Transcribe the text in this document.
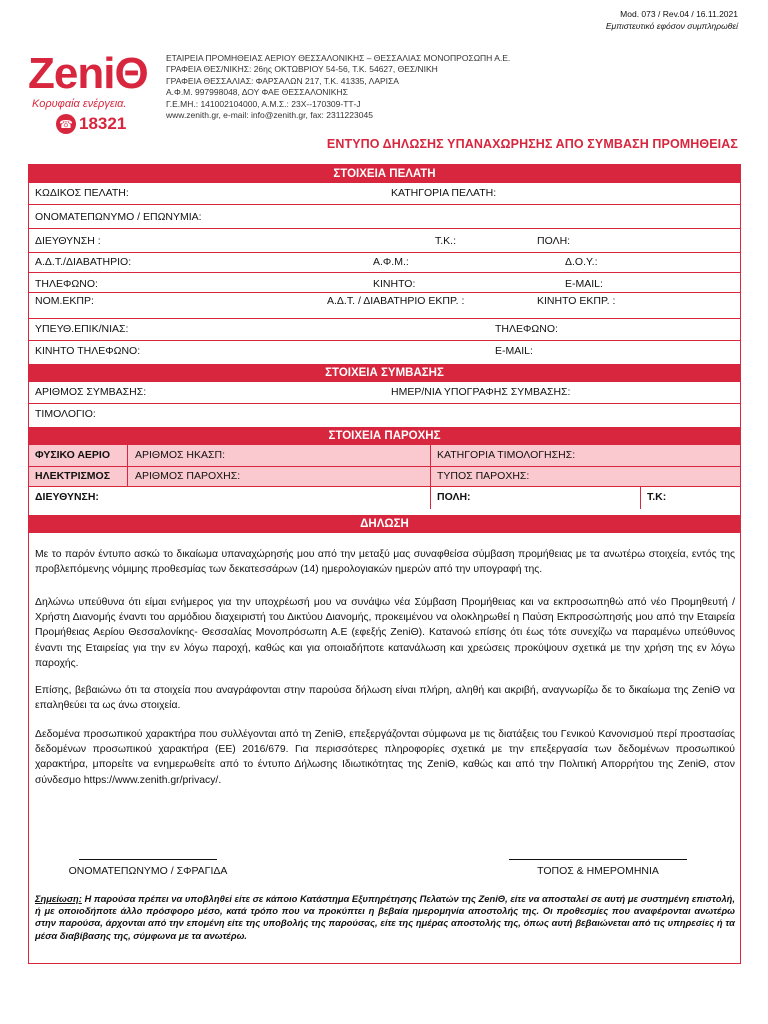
Mod. 073 / Rev.04 / 16.11.2021
Εμπιστευτικό εφόσον συμπληρωθεί
ZeniΘ
Κορυφαία ενέργεια.
☎ 18321
ΕΤΑΙΡΕΙΑ ΠΡΟΜΗΘΕΙΑΣ ΑΕΡΙΟΥ ΘΕΣΣΑΛΟΝΙΚΗΣ – ΘΕΣΣΑΛΙΑΣ ΜΟΝΟΠΡΟΣΩΠΗ Α.Ε.
ΓΡΑΦΕΙΑ ΘΕΣ/ΝΙΚΗΣ: 26ης ΟΚΤΩΒΡΙΟΥ 54-56, Τ.Κ. 54627, ΘΕΣ/ΝΙΚΗ
ΓΡΑΦΕΙΑ ΘΕΣΣΑΛΙΑΣ: ΦΑΡΣΑΛΩΝ 217, Τ.Κ. 41335, ΛΑΡΙΣΑ
Α.Φ.Μ. 997998048, ΔΟΥ ΦΑΕ ΘΕΣΣΑΛΟΝΙΚΗΣ
Γ.Ε.ΜΗ.: 141002104000, Α.Μ.Σ.: 23Χ--170309-ΤΤ-J
www.zenith.gr, e-mail: info@zenith.gr, fax: 2311223045
ΕΝΤΥΠΟ ΔΗΛΩΣΗΣ ΥΠΑΝΑΧΩΡΗΣΗΣ ΑΠΟ ΣΥΜΒΑΣΗ ΠΡΟΜΗΘΕΙΑΣ
ΣΤΟΙΧΕΙΑ ΠΕΛΑΤΗ
ΚΩΔΙΚΟΣ ΠΕΛΑΤΗ:	ΚΑΤΗΓΟΡΙΑ ΠΕΛΑΤΗ:
ΟΝΟΜΑΤΕΠΩΝΥΜΟ / ΕΠΩΝΥΜΙΑ:
ΔΙΕΥΘΥΝΣΗ :	Τ.Κ.:	ΠΟΛΗ:
Α.Δ.Τ./ΔΙΑΒΑΤΗΡΙΟ:	Α.Φ.Μ.:	Δ.Ο.Υ.:
ΤΗΛΕΦΩΝΟ:	ΚΙΝΗΤΟ:	E-MAIL:
ΝΟΜ.ΕΚΠΡ:	Α.Δ.Τ. / ΔΙΑΒΑΤΗΡΙΟ ΕΚΠΡ. :	ΚΙΝΗΤΟ ΕΚΠΡ. :
ΥΠΕΥΘ.ΕΠΙΚ/ΝΙΑΣ:	ΤΗΛΕΦΩΝΟ:
ΚΙΝΗΤΟ ΤΗΛΕΦΩΝΟ:	E-MAIL:
ΣΤΟΙΧΕΙΑ ΣΥΜΒΑΣΗΣ
ΑΡΙΘΜΟΣ ΣΥΜΒΑΣΗΣ:	ΗΜΕΡ/ΝΙΑ ΥΠΟΓΡΑΦΗΣ ΣΥΜΒΑΣΗΣ:
ΤΙΜΟΛΟΓΙΟ:
ΣΤΟΙΧΕΙΑ ΠΑΡΟΧΗΣ
ΦΥΣΙΚΟ ΑΕΡΙΟ ΑΡΙΘΜΟΣ ΗΚΑΣΠ:	ΚΑΤΗΓΟΡΙΑ ΤΙΜΟΛΟΓΗΣΗΣ:
ΗΛΕΚΤΡΙΣΜΟΣ ΑΡΙΘΜΟΣ ΠΑΡΟΧΗΣ:	ΤΥΠΟΣ ΠΑΡΟΧΗΣ:
ΔΙΕΥΘΥΝΣΗ:	ΠΟΛΗ:	Τ.Κ:
ΔΗΛΩΣΗ

Με το παρόν έντυπο ασκώ το δικαίωμα υπαναχώρησής μου από την μεταξύ μας συναφθείσα σύμβαση προμήθειας με τα ανωτέρω στοιχεία, εντός της προβλεπόμενης νόμιμης προθεσμίας των δεκατεσσάρων (14) ημερολογιακών ημερών από την υπογραφή της.

Δηλώνω υπεύθυνα ότι είμαι ενήμερος για την υποχρέωσή μου να συνάψω νέα Σύμβαση Προμήθειας και να εκπροσωπηθώ από νέο Προμηθευτή / Χρήστη Διανομής έναντι του αρμόδιου διαχειριστή του Δικτύου Διανομής, προκειμένου να ολοκληρωθεί η Παύση Εκπροσώπησής μου από την Εταιρεία Προμήθειας Αερίου Θεσσαλονίκης- Θεσσαλίας Μονοπρόσωπη Α.Ε (εφεξής ZeniΘ). Κατανοώ επίσης ότι έως τότε συνεχίζω να παραμένω υπεύθυνος έναντι της Εταιρείας για την εν λόγω παροχή, καθώς και για οποιαδήποτε κατανάλωση και χρεώσεις προκύψουν σχετικά με την χρήση της εν λόγω παροχής.

Επίσης, βεβαιώνω ότι τα στοιχεία που αναγράφονται στην παρούσα δήλωση είναι πλήρη, αληθή και ακριβή, αναγνωρίζω δε το δικαίωμα της ZeniΘ να επαληθεύει τα ως άνω στοιχεία.

Δεδομένα προσωπικού χαρακτήρα που συλλέγονται από τη ZeniΘ, επεξεργάζονται σύμφωνα με τις διατάξεις του Γενικού Κανονισμού περί προστασίας δεδομένων προσωπικού χαρακτήρα (ΕΕ) 2016/679. Για περισσότερες πληροφορίες σχετικά με την επεξεργασία των δεδομένων προσωπικού χαρακτήρα, μπορείτε να ενημερωθείτε από το έντυπο Δήλωσης Ιδιωτικότητας της ZeniΘ, καθώς και από την Πολιτική Απορρήτου της ZeniΘ, στον σύνδεσμο https://www.zenith.gr/privacy/.

ΟΝΟΜΑΤΕΠΩΝΥΜΟ / ΣΦΡΑΓΙΔΑ	ΤΟΠΟΣ & ΗΜΕΡΟΜΗΝΙΑ

Σημείωση: Η παρούσα πρέπει να υποβληθεί είτε σε κάποιο Κατάστημα Εξυπηρέτησης Πελατών της ZeniΘ, είτε να αποσταλεί σε αυτή με συστημένη επιστολή, ή με οποιοδήποτε άλλο πρόσφορο μέσο, κατά τρόπο που να προκύπτει η βεβαία ημερομηνία αποστολής της. Οι προθεσμίες που αναφέρονται ανωτέρω στην παρούσα, άρχονται από την επομένη είτε της υποβολής της παρούσας, είτε της ημέρας αποστολής της, όπως αυτή βεβαιώνεται από τις υπηρεσίες ή τα μέσα διαβίβασης της, σύμφωνα με τα ανωτέρω.
